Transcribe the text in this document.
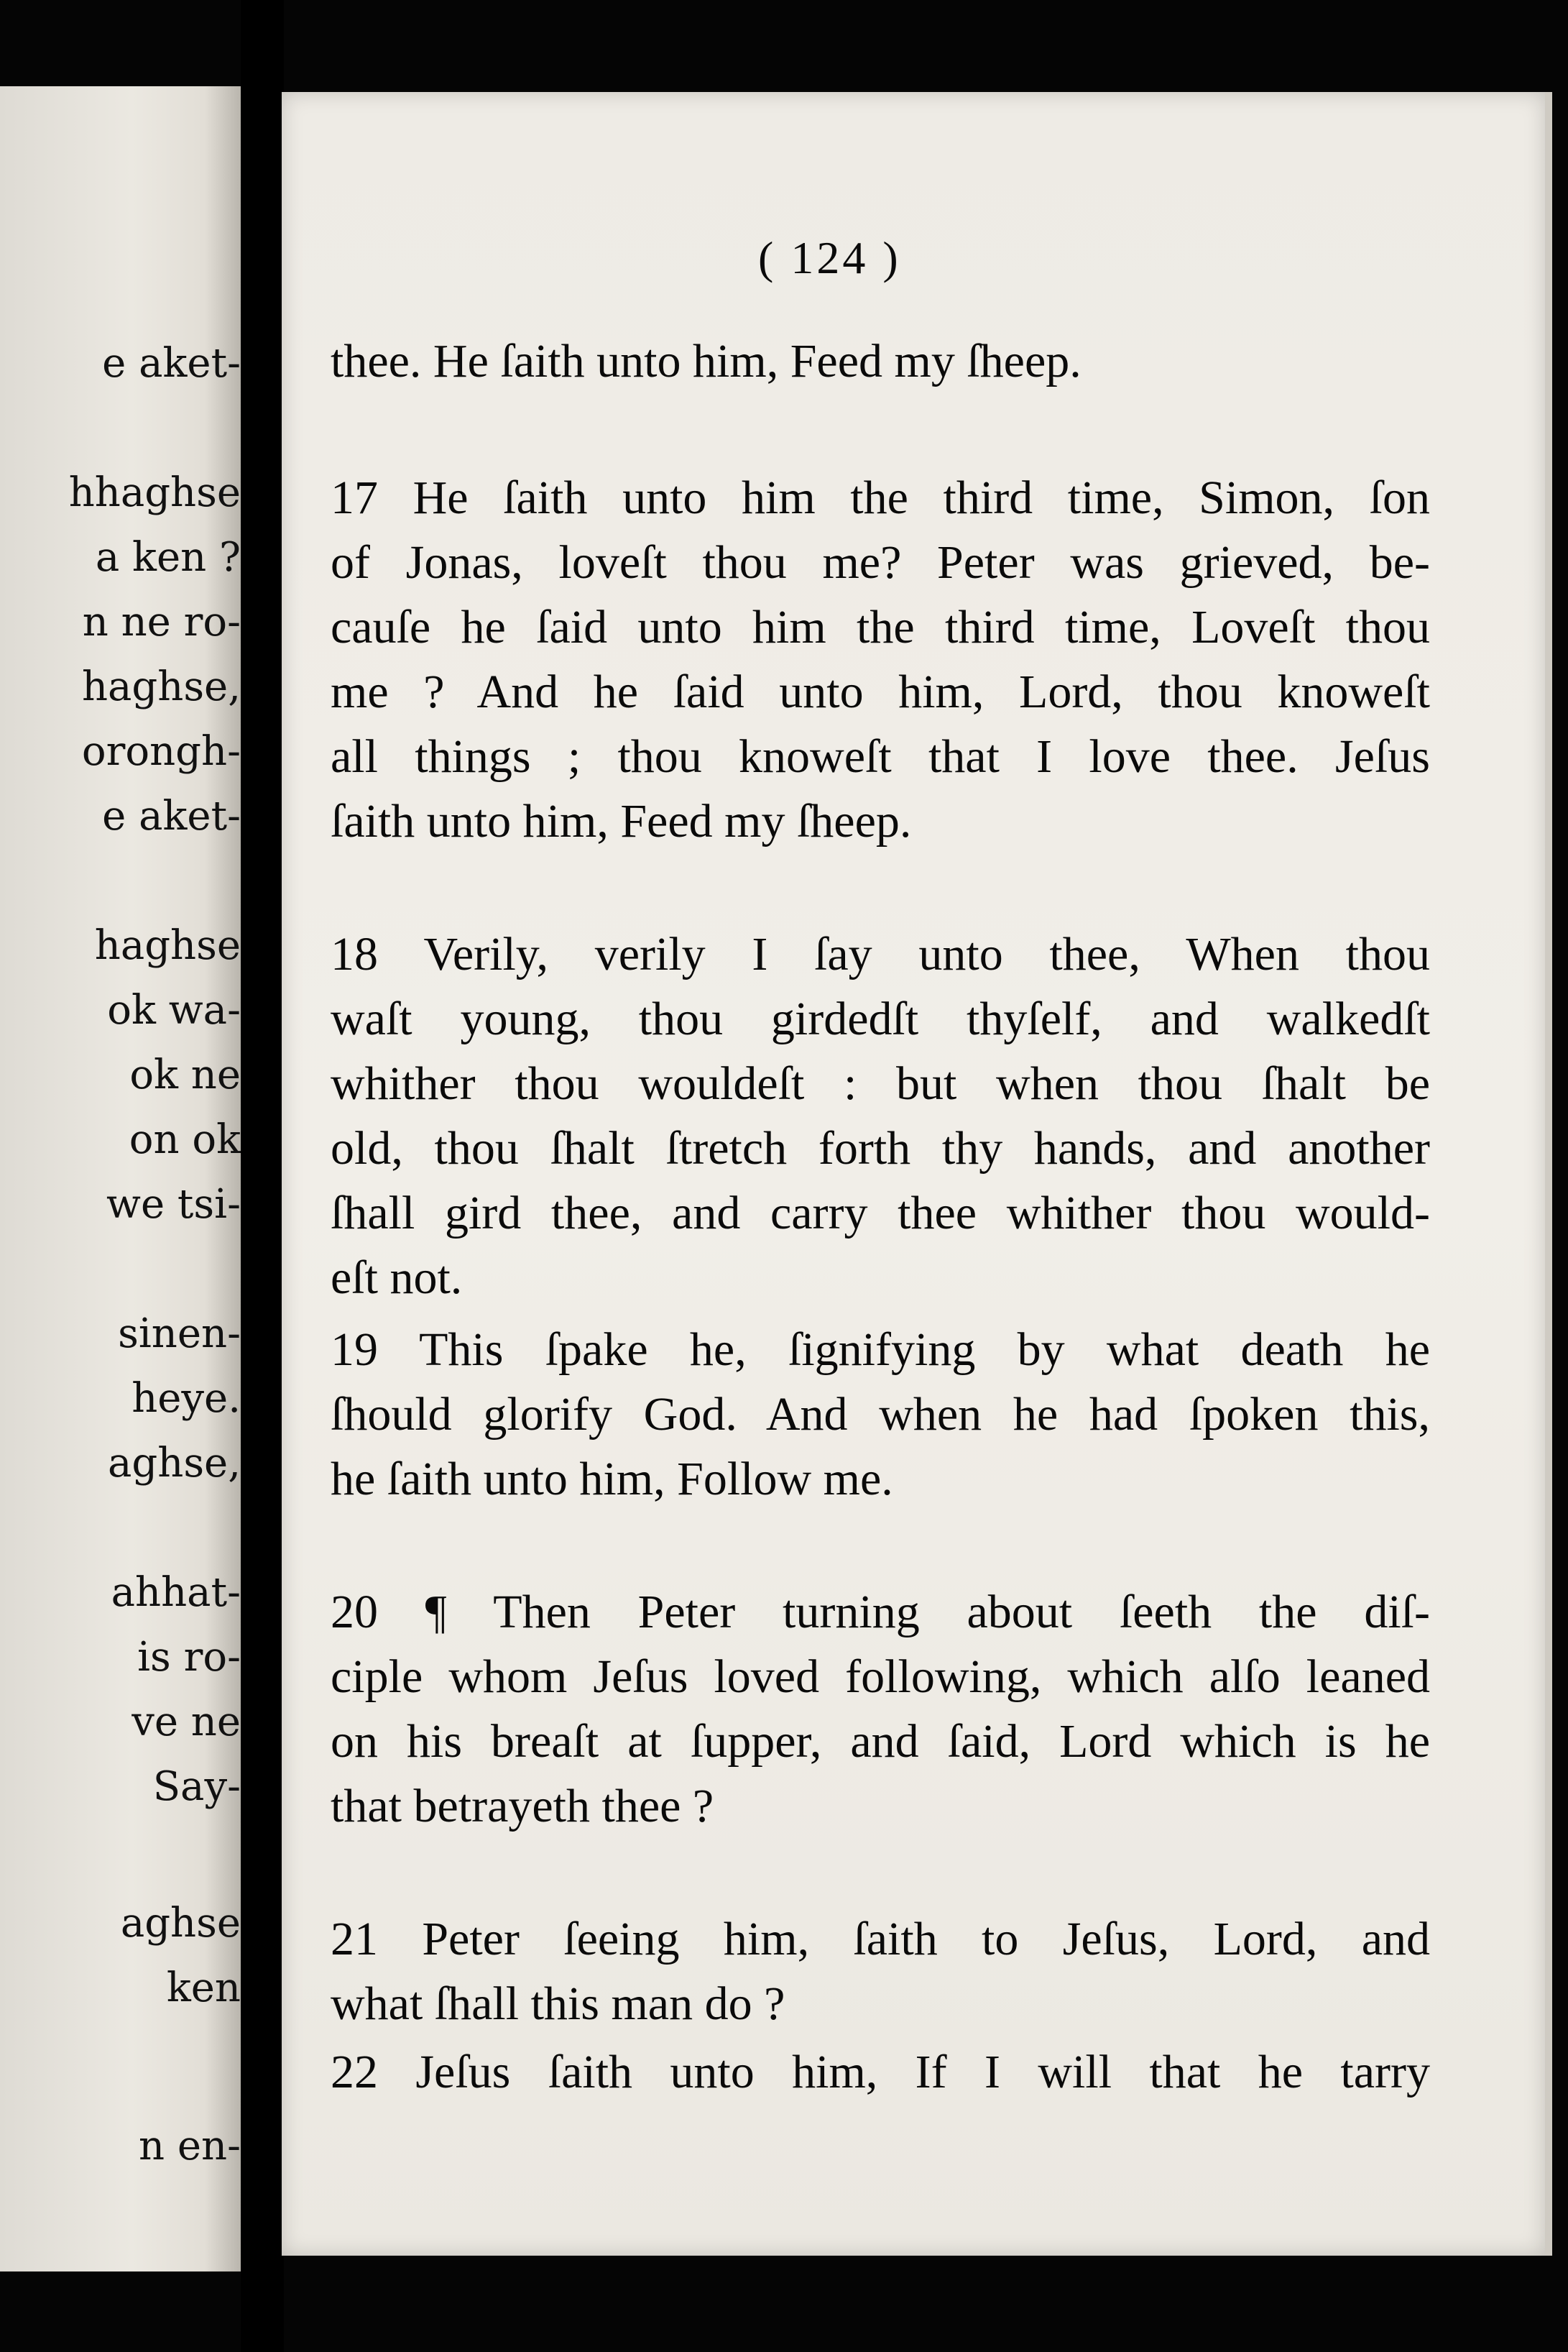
e aket-
hhaghse
a ken ?
n ne ro-
haghse,
orongh-
e aket-
haghse
ok wa-
ok ne
on ok
we tsi-
sinen-
heye.
aghse,
ahhat-
is ro-
ve ne
Say-
aghse
ken
n en-
( 124 )
thee. He ſaith unto him, Feed my ſheep.
17 He ſaith unto him the third time, Simon, ſon
of Jonas, loveſt thou me? Peter was grieved, be-
cauſe he ſaid unto him the third time, Loveſt thou
me ? And he ſaid unto him, Lord, thou knoweſt
all things ; thou knoweſt that I love thee. Jeſus
ſaith unto him, Feed my ſheep.
18 Verily, verily I ſay unto thee, When thou
waſt young, thou girdedſt thyſelf, and walkedſt
whither thou wouldeſt : but when thou ſhalt be
old, thou ſhalt ſtretch forth thy hands, and another
ſhall gird thee, and carry thee whither thou would-
eſt not.
19 This ſpake he, ſignifying by what death he
ſhould glorify God. And when he had ſpoken this,
he ſaith unto him, Follow me.
20 ¶ Then Peter turning about ſeeth the diſ-
ciple whom Jeſus loved following, which alſo leaned
on his breaſt at ſupper, and ſaid, Lord which is he
that betrayeth thee ?
21 Peter ſeeing him, ſaith to Jeſus, Lord, and
what ſhall this man do ?
22 Jeſus ſaith unto him, If I will that he tarry
